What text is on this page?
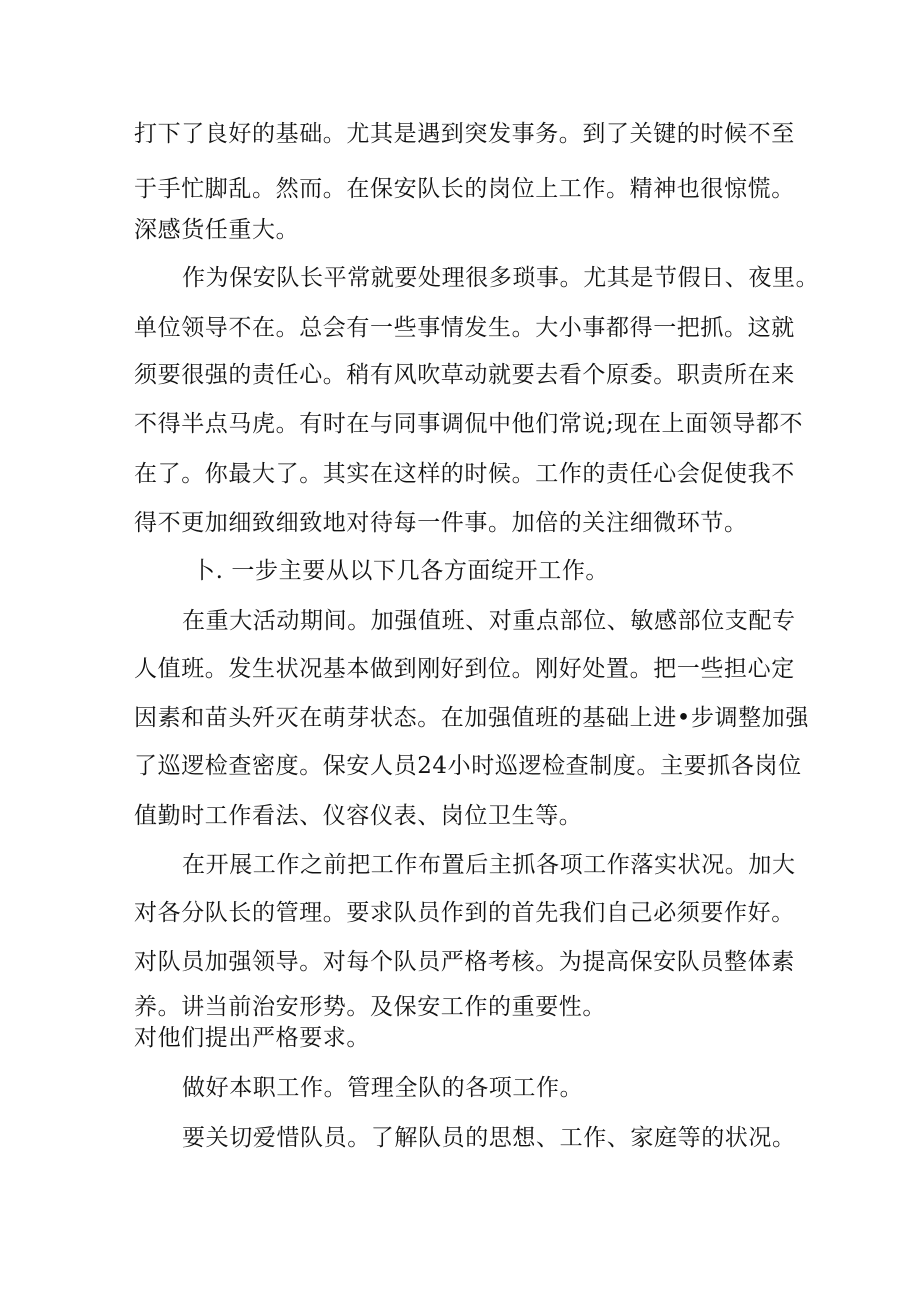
打下了良好的基础。尤其是遇到突发事务。到了关键的时候不至
于手忙脚乱。然而。在保安队长的岗位上工作。精神也很惊慌。
深感货任重大。
作为保安队长平常就要处理很多琐事。尤其是节假日、夜里。
单位领导不在。总会有一些事情发生。大小事都得一把抓。这就
须要很强的责任心。稍有风吹草动就要去看个原委。职责所在来
不得半点马虎。有时在与同事调侃中他们常说;现在上面领导都不
在了。你最大了。其实在这样的时候。工作的责任心会促使我不
得不更加细致细致地对待每一件事。加倍的关注细微环节。
卜. 一步主要从以下几各方面绽开工作。
在重大活动期间。加强值班、对重点部位、敏感部位支配专
人值班。发生状况基本做到刚好到位。刚好处置。把一些担心定
因素和苗头歼灭在萌芽状态。在加强值班的基础上进•步调整加强
了巡逻检查密度。保安人员24小时巡逻检查制度。主要抓各岗位
值勤时工作看法、仪容仪表、岗位卫生等。
在开展工作之前把工作布置后主抓各项工作落实状况。加大
对各分队长的管理。要求队员作到的首先我们自己必须要作好。
对队员加强领导。对每个队员严格考核。为提高保安队员整体素
养。讲当前治安形势。及保安工作的重要性。
对他们提出严格要求。
做好本职工作。管理全队的各项工作。
要关切爱惜队员。了解队员的思想、工作、家庭等的状况。
